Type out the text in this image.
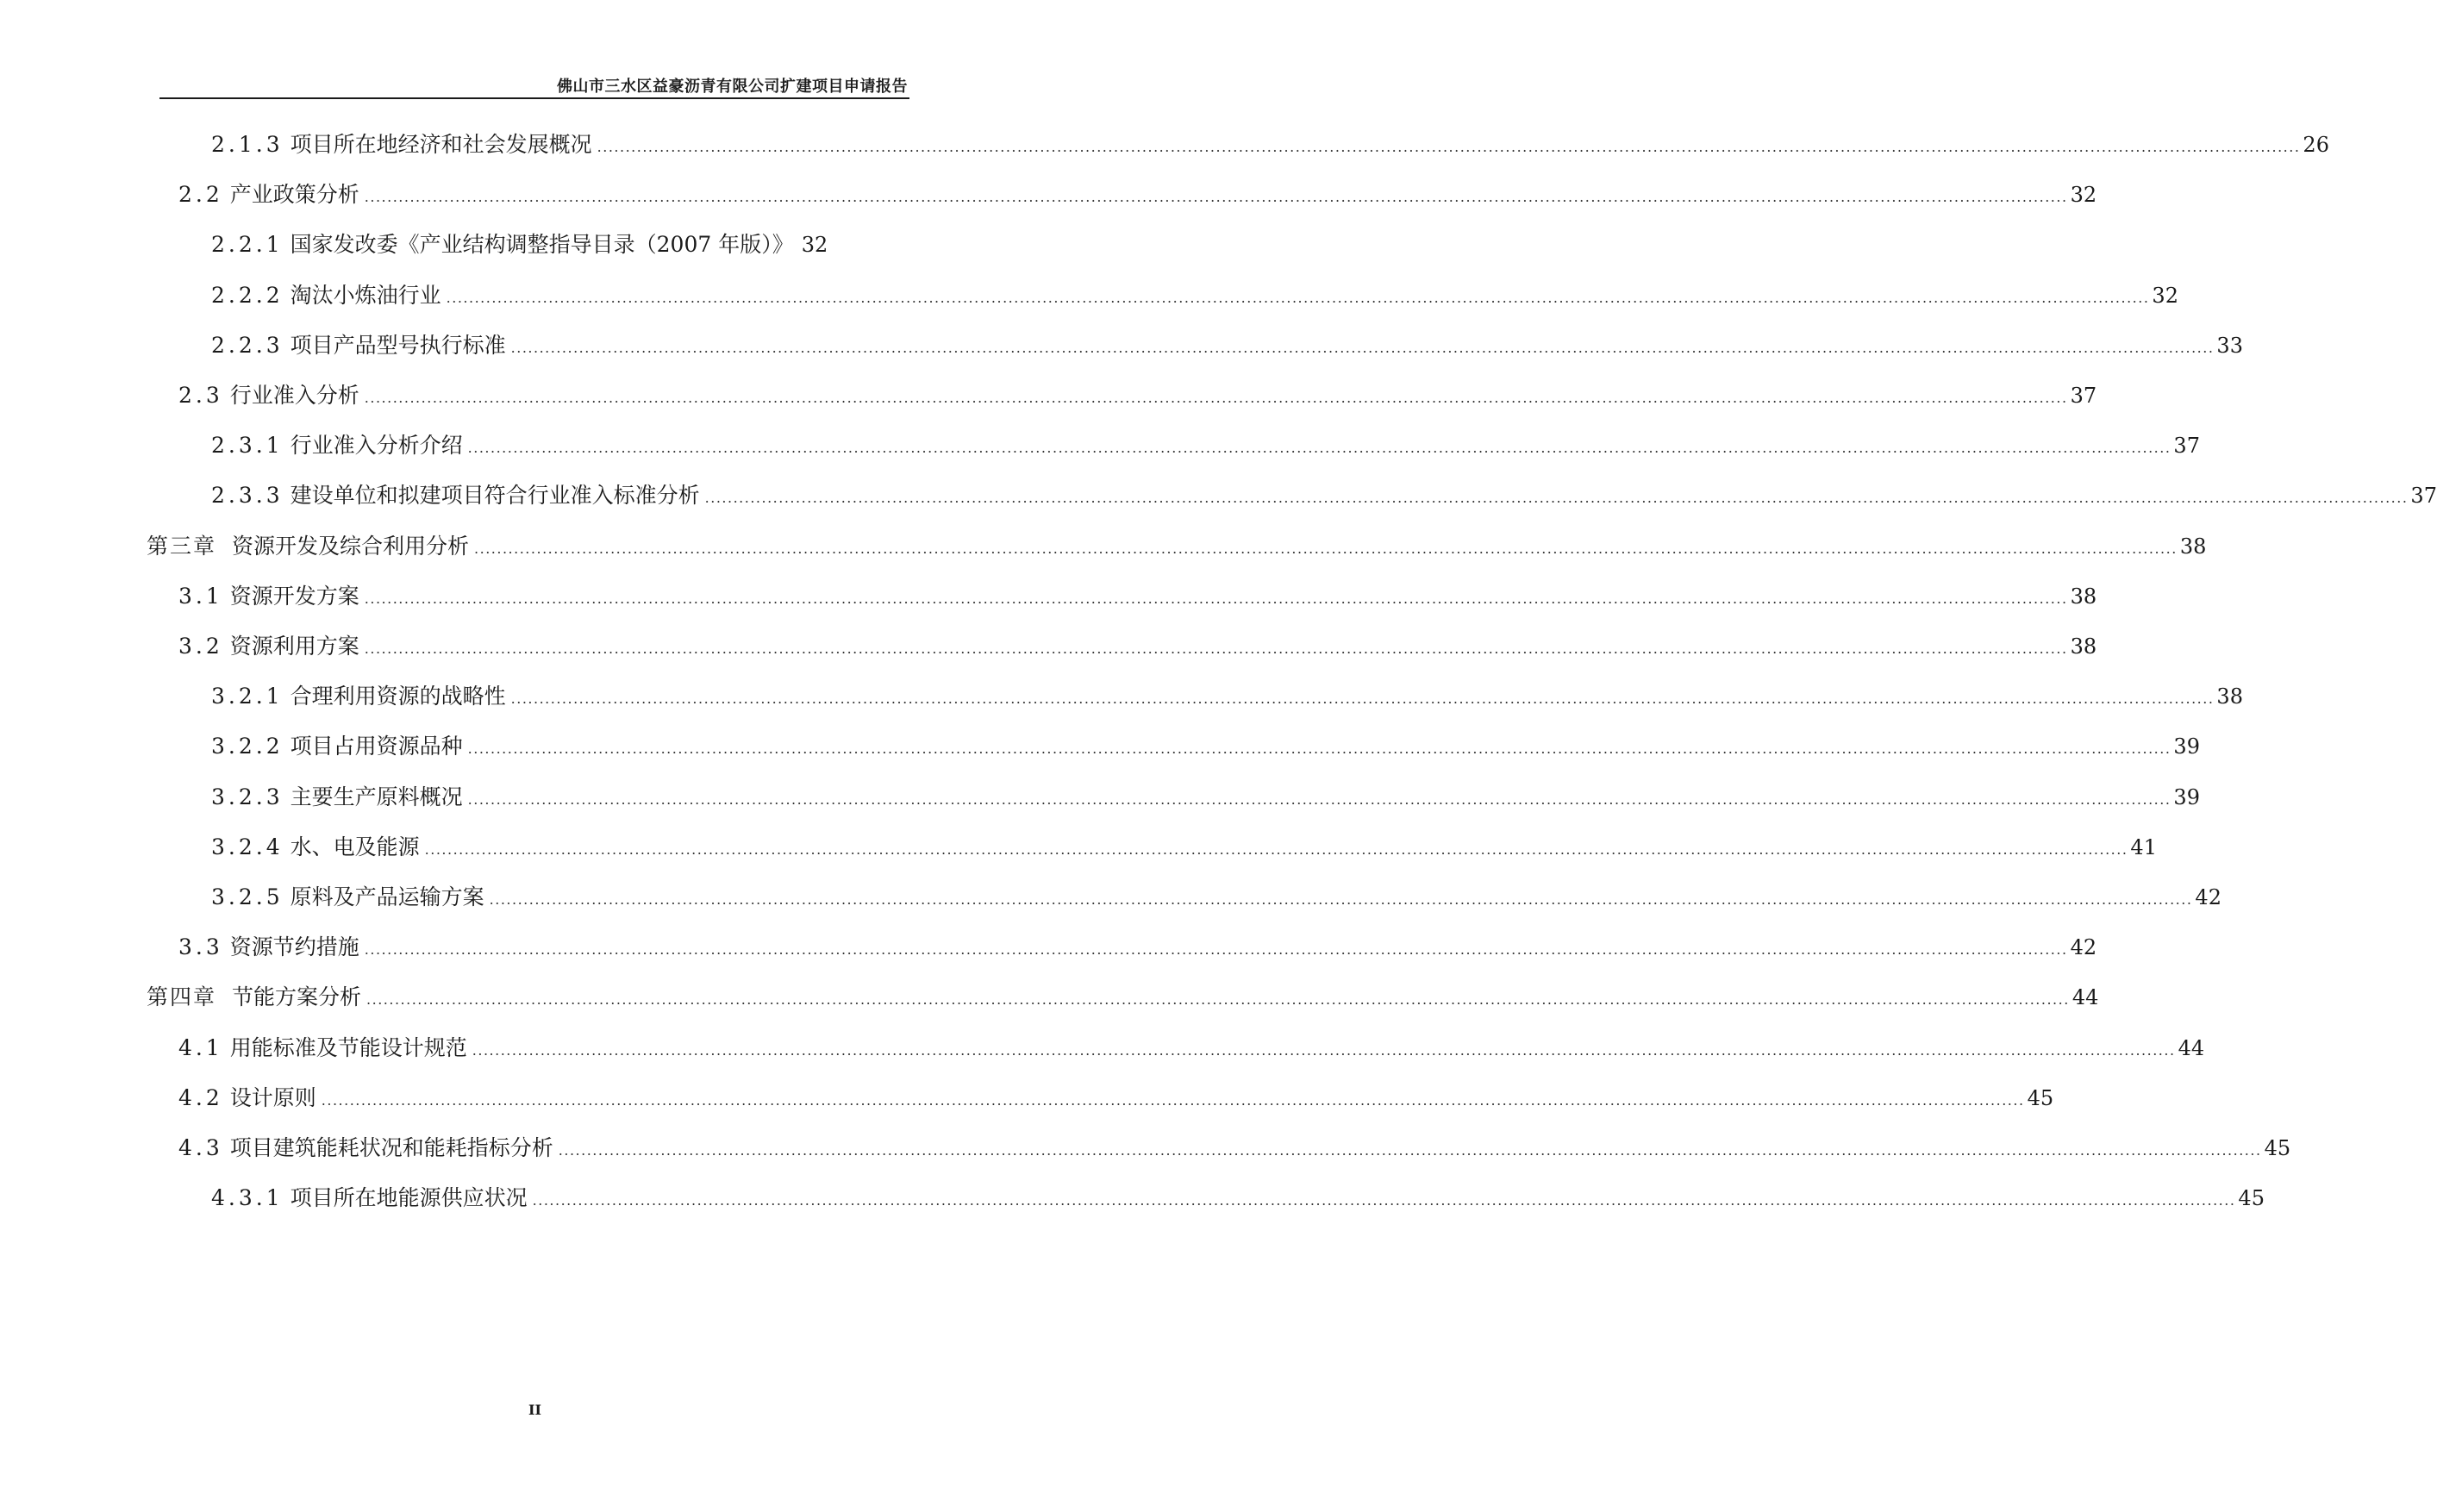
佛山市三水区益豪沥青有限公司扩建项目申请报告
2.1.3 项目所在地经济和社会发展概况 ............................................................................................................................................................................................................................................................................................................ 26
2.2 产业政策分析 ............................................................................................................................................................................................................................................................................................................ 32
2.2.1 国家发改委《产业结构调整指导目录（2007 年版）》 32
2.2.2 淘汰小炼油行业 ............................................................................................................................................................................................................................................................................................................ 32
2.2.3 项目产品型号执行标准 ............................................................................................................................................................................................................................................................................................................ 33
2.3 行业准入分析 ............................................................................................................................................................................................................................................................................................................ 37
2.3.1 行业准入分析介绍 ............................................................................................................................................................................................................................................................................................................ 37
2.3.3 建设单位和拟建项目符合行业准入标准分析 ............................................................................................................................................................................................................................................................................................................ 37
第三章 资源开发及综合利用分析 ............................................................................................................................................................................................................................................................................................................ 38
3.1 资源开发方案 ............................................................................................................................................................................................................................................................................................................ 38
3.2 资源利用方案 ............................................................................................................................................................................................................................................................................................................ 38
3.2.1 合理利用资源的战略性 ............................................................................................................................................................................................................................................................................................................ 38
3.2.2 项目占用资源品种 ............................................................................................................................................................................................................................................................................................................ 39
3.2.3 主要生产原料概况 ............................................................................................................................................................................................................................................................................................................ 39
3.2.4 水、电及能源 ............................................................................................................................................................................................................................................................................................................ 41
3.2.5 原料及产品运输方案 ............................................................................................................................................................................................................................................................................................................ 42
3.3 资源节约措施 ............................................................................................................................................................................................................................................................................................................ 42
第四章 节能方案分析 ............................................................................................................................................................................................................................................................................................................ 44
4.1 用能标准及节能设计规范 ............................................................................................................................................................................................................................................................................................................ 44
4.2 设计原则 ............................................................................................................................................................................................................................................................................................................ 45
4.3 项目建筑能耗状况和能耗指标分析 ............................................................................................................................................................................................................................................................................................................ 45
4.3.1 项目所在地能源供应状况 ............................................................................................................................................................................................................................................................................................................ 45
II
